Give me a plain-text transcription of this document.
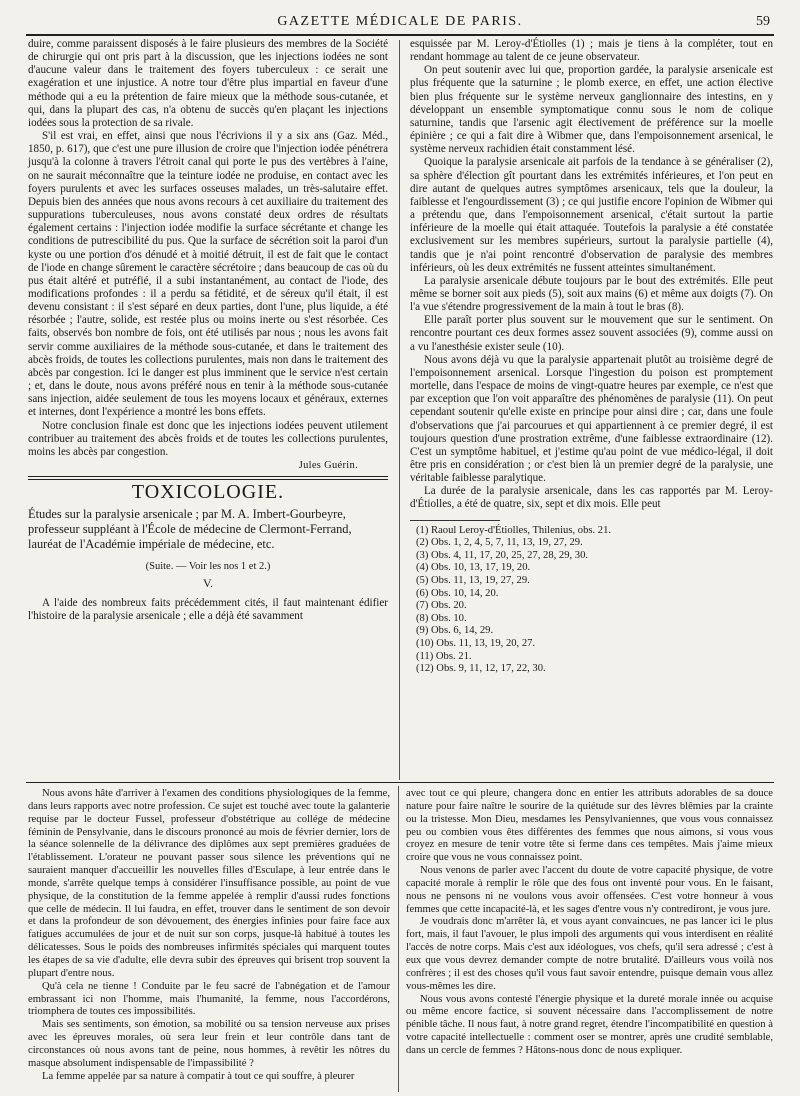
GAZETTE MÉDICALE DE PARIS.	59

duire, comme paraissent disposés à le faire plusieurs des membres de la Société de chirurgie qui ont pris part à la discussion, que les injections iodées ne sont d'aucune valeur dans le traitement des foyers tuberculeux : ce serait une exagération et une injustice. A notre tour d'être plus impartial en faveur d'une méthode qui a eu la prétention de faire mieux que la méthode sous-cutanée, et qui, dans la plupart des cas, n'a obtenu de succès qu'en plaçant les injections iodées sous la protection de sa rivale.

S'il est vrai, en effet, ainsi que nous l'écrivions il y a six ans (Gaz. Méd., 1850, p. 617), que c'est une pure illusion de croire que l'injection iodée pénétrera jusqu'à la colonne à travers l'étroit canal qui porte le pus des vertèbres à l'aine, on ne saurait méconnaître que la teinture iodée ne produise, en contact avec les foyers purulents et avec les surfaces osseuses malades, un très-salutaire effet. Depuis bien des années que nous avons recours à cet auxiliaire du traitement des suppurations tuberculeuses, nous avons constaté deux ordres de résultats également certains : l'injection iodée modifie la surface sécrétante et change les conditions de putrescibilité du pus. Que la surface de sécrétion soit la paroi d'un kyste ou une portion d'os dénudé et à moitié détruit, il est de fait que le contact de l'iode en change sûrement le caractère sécrétoire ; dans beaucoup de cas où du pus était altéré et putréfié, il a subi instantanément, au contact de l'iode, des modifications profondes : il a perdu sa fétidité, et de séreux qu'il était, il est devenu consistant : il s'est séparé en deux parties, dont l'une, plus liquide, a été résorbée ; l'autre, solide, est restée plus ou moins inerte ou s'est résorbée. Ces faits, observés bon nombre de fois, ont été utilisés par nous ; nous les avons fait servir comme auxiliaires de la méthode sous-cutanée, et dans le traitement des abcès froids, de toutes les collections purulentes, mais non dans le traitement des abcès par congestion. Ici le danger est plus imminent que le service n'est certain ; et, dans le doute, nous avons préféré nous en tenir à la méthode sous-cutanée sans injection, aidée seulement de tous les moyens locaux et généraux, externes et internes, dont l'expérience a montré les bons effets.

Notre conclusion finale est donc que les injections iodées peuvent utilement contribuer au traitement des abcès froids et de toutes les collections purulentes, moins les abcès par congestion.

Jules Guérin.
TOXICOLOGIE.
Études sur la paralysie arsenicale ; par M. A. Imbert-Gourbeyre, professeur suppléant à l'École de médecine de Clermont-Ferrand, lauréat de l'Académie impériale de médecine, etc.
(Suite. — Voir les nos 1 et 2.)
V.

A l'aide des nombreux faits précédemment cités, il faut maintenant édifier l'histoire de la paralysie arsenicale ; elle a déjà été savamment

esquissée par M. Leroy-d'Étiolles (1) ; mais je tiens à la compléter, tout en rendant hommage au talent de ce jeune observateur.

On peut soutenir avec lui que, proportion gardée, la paralysie arsenicale est plus fréquente que la saturnine ; le plomb exerce, en effet, une action élective bien plus fréquente sur le système nerveux ganglionnaire des intestins, en y développant un ensemble symptomatique connu sous le nom de colique saturnine, tandis que l'arsenic agit électivement de préférence sur la moelle épinière ; ce qui a fait dire à Wibmer que, dans l'empoisonnement arsenical, le système nerveux rachidien était constamment lésé.

Quoique la paralysie arsenicale ait parfois de la tendance à se généraliser (2), sa sphère d'élection gît pourtant dans les extrémités inférieures, et l'on peut en dire autant de quelques autres symptômes arsenicaux, tels que la douleur, la faiblesse et l'engourdissement (3) ; ce qui justifie encore l'opinion de Wibmer qui a prétendu que, dans l'empoisonnement arsenical, c'était surtout la partie inférieure de la moelle qui était attaquée. Toutefois la paralysie a été constatée exclusivement sur les membres supérieurs, surtout la paralysie partielle (4), tandis que je n'ai point rencontré d'observation de paralysie des membres inférieurs, où les deux extrémités ne fussent atteintes simultanément.

La paralysie arsenicale débute toujours par le bout des extrémités. Elle peut même se borner soit aux pieds (5), soit aux mains (6) et même aux doigts (7). On l'a vue s'étendre progressivement de la main à tout le bras (8).

Elle paraît porter plus souvent sur le mouvement que sur le sentiment. On rencontre pourtant ces deux formes assez souvent associées (9), comme aussi on a vu l'anesthésie exister seule (10).

Nous avons déjà vu que la paralysie appartenait plutôt au troisième degré de l'empoisonnement arsenical. Lorsque l'ingestion du poison est promptement mortelle, dans l'espace de moins de vingt-quatre heures par exemple, ce n'est que par exception que l'on voit apparaître des phénomènes de paralysie (11). On peut cependant soutenir qu'elle existe en principe pour ainsi dire ; car, dans une foule d'observations que j'ai parcourues et qui appartiennent à ce premier degré, il est toujours question d'une prostration extrême, d'une faiblesse extraordinaire (12). C'est un symptôme habituel, et j'estime qu'au point de vue médico-légal, il doit être pris en considération ; or c'est bien là un premier degré de la paralysie, une véritable faiblesse paralytique.

La durée de la paralysie arsenicale, dans les cas rapportés par M. Leroy-d'Étiolles, a été de quatre, six, sept et dix mois. Elle peut

(1) Raoul Leroy-d'Étiolles, Thilenius, obs. 21.
(2) Obs. 1, 2, 4, 5, 7, 11, 13, 19, 27, 29.
(3) Obs. 4, 11, 17, 20, 25, 27, 28, 29, 30.
(4) Obs. 10, 13, 17, 19, 20.
(5) Obs. 11, 13, 19, 27, 29.
(6) Obs. 10, 14, 20.
(7) Obs. 20.
(8) Obs. 10.
(9) Obs. 6, 14, 29.
(10) Obs. 11, 13, 19, 20, 27.
(11) Obs. 21.
(12) Obs. 9, 11, 12, 17, 22, 30.

Nous avons hâte d'arriver à l'examen des conditions physiologiques de la femme, dans leurs rapports avec notre profession. Ce sujet est touché avec toute la galanterie requise par le docteur Fussel, professeur d'obstétrique au collége de médecine féminin de Pensylvanie, dans le discours prononcé au mois de février dernier, lors de la séance solennelle de la délivrance des diplômes aux sept premières graduées de l'établissement. L'orateur ne pouvant passer sous silence les préventions qui ne sauraient manquer d'accueillir les nouvelles filles d'Esculape, à leur entrée dans le monde, s'arrête quelque temps à considérer l'insuffisance possible, au point de vue physique, de la constitution de la femme appelée à remplir d'aussi rudes fonctions que celle de médecin. Il lui faudra, en effet, trouver dans le sentiment de son devoir et dans la profondeur de son dévouement, des énergies infinies pour faire face aux fatigues accumulées de jour et de nuit sur son corps, jusque-là habitué à toutes les délicatesses. Sous le poids des nombreuses infirmités spéciales qui marquent toutes les étapes de sa vie d'adulte, elle devra subir des épreuves qui brisent trop souvent la plupart d'entre nous.

Qu'à cela ne tienne ! Conduite par le feu sacré de l'abnégation et de l'amour embrassant ici non l'homme, mais l'humanité, la femme, nous l'accordérons, triomphera de toutes ces impossibilités.

Mais ses sentiments, son émotion, sa mobilité ou sa tension nerveuse aux prises avec les épreuves morales, où sera leur frein et leur contrôle dans tant de circonstances où nous avons tant de peine, nous hommes, à revêtir les nôtres du masque absolument indispensable de l'impassibilité ?

La femme appelée par sa nature à compatir à tout ce qui souffre, à pleurer

avec tout ce qui pleure, changera donc en entier les attributs adorables de sa douce nature pour faire naître le sourire de la quiétude sur des lèvres blêmies par la crainte ou la tristesse. Mon Dieu, mesdames les Pensylvaniennes, que vous vous connaissez peu ou combien vous êtes différentes des femmes que nous aimons, si vous vous croyez en mesure de tenir votre tête si ferme dans ces tempêtes. Mais j'aime mieux croire que vous ne vous connaissez point.

Nous venons de parler avec l'accent du doute de votre capacité physique, de votre capacité morale à remplir le rôle que des fous ont inventé pour vous. En le faisant, nous ne pensons ni ne voulons vous avoir offensées. C'est votre honneur à vous femmes que cette incapacité-là, et les sages d'entre vous n'y contrediront, je vous jure.

Je voudrais donc m'arrêter là, et vous ayant convaincues, ne pas lancer ici le plus fort, mais, il faut l'avouer, le plus impoli des arguments qui vous interdisent en réalité l'accès de notre corps. Mais c'est aux idéologues, vos chefs, qu'il sera adressé ; c'est à eux que vous devrez demander compte de notre brutalité. D'ailleurs vous voilà nos confrères ; il est des choses qu'il vous faut savoir entendre, puisque demain vous allez vous-mêmes les dire.

Nous vous avons contesté l'énergie physique et la dureté morale innée ou acquise ou même encore factice, si souvent nécessaire dans l'accomplissement de notre pénible tâche. Il nous faut, à notre grand regret, étendre l'incompatibilité en question à votre capacité intellectuelle : comment oser se montrer, après une crudité semblable, dans un cercle de femmes ? Hâtons-nous donc de nous expliquer.
